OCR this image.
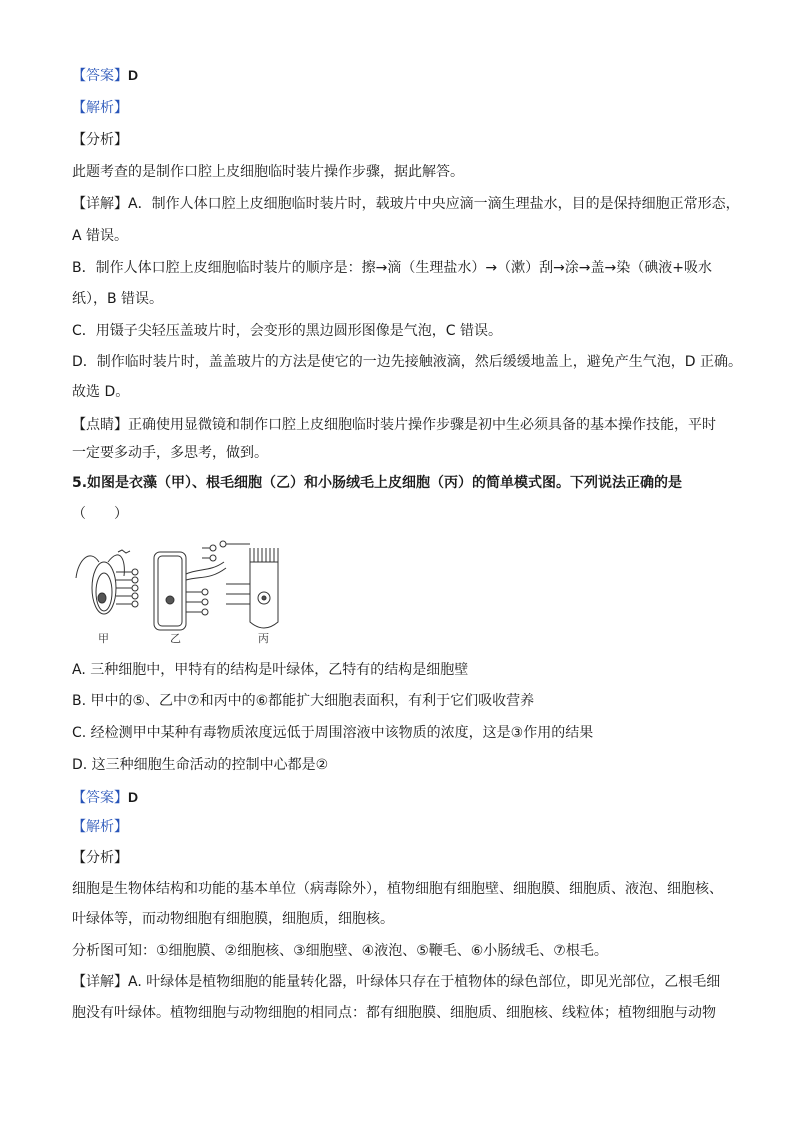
【答案】D
【解析】
【分析】
此题考查的是制作口腔上皮细胞临时装片操作步骤，据此解答。
【详解】A．制作人体口腔上皮细胞临时装片时，载玻片中央应滴一滴生理盐水，目的是保持细胞正常形态，
A 错误。
B．制作人体口腔上皮细胞临时装片的顺序是：擦→滴（生理盐水）→（漱）刮→涂→盖→染（碘液+吸水
纸），B 错误。
C．用镊子尖轻压盖玻片时，会变形的黑边圆形图像是气泡，C 错误。
D．制作临时装片时，盖盖玻片的方法是使它的一边先接触液滴，然后缓缓地盖上，避免产生气泡，D 正确。
故选 D。
【点睛】正确使用显微镜和制作口腔上皮细胞临时装片操作步骤是初中生必须具备的基本操作技能，平时
一定要多动手，多思考，做到。
5.如图是衣藻（甲）、根毛细胞（乙）和小肠绒毛上皮细胞（丙）的简单模式图。下列说法正确的是
（　　）
甲	乙	丙
A. 三种细胞中，甲特有的结构是叶绿体，乙特有的结构是细胞壁
B. 甲中的⑤、乙中⑦和丙中的⑥都能扩大细胞表面积，有利于它们吸收营养
C. 经检测甲中某种有毒物质浓度远低于周围溶液中该物质的浓度，这是③作用的结果
D. 这三种细胞生命活动的控制中心都是②
【答案】D
【解析】
【分析】
细胞是生物体结构和功能的基本单位（病毒除外），植物细胞有细胞壁、细胞膜、细胞质、液泡、细胞核、
叶绿体等，而动物细胞有细胞膜，细胞质，细胞核。
分析图可知：①细胞膜、②细胞核、③细胞壁、④液泡、⑤鞭毛、⑥小肠绒毛、⑦根毛。
【详解】A. 叶绿体是植物细胞的能量转化器，叶绿体只存在于植物体的绿色部位，即见光部位，乙根毛细
胞没有叶绿体。植物细胞与动物细胞的相同点：都有细胞膜、细胞质、细胞核、线粒体；植物细胞与动物
